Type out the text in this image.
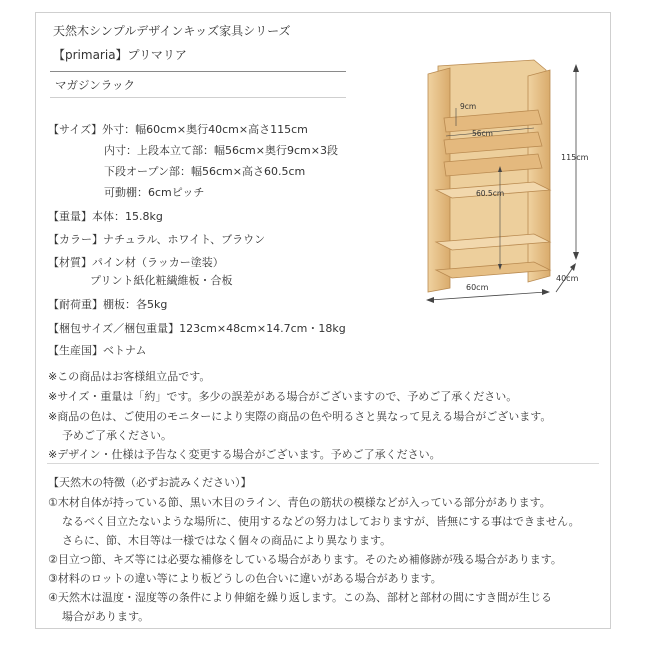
天然木シンプルデザインキッズ家具シリーズ
【primaria】プリマリア
マガジンラック
【サイズ】外寸：幅60cm×奥行40cm×高さ115cm
内寸：上段本立て部：幅56cm×奥行9cm×3段
下段オープン部：幅56cm×高さ60.5cm
可動棚：6cmピッチ
【重量】本体：15.8kg
【カラー】ナチュラル、ホワイト、ブラウン
【材質】パイン材（ラッカー塗装）
プリント紙化粧繊維板・合板
【耐荷重】棚板：各5kg
【梱包サイズ／梱包重量】123cm×48cm×14.7cm・18kg
【生産国】ベトナム
※この商品はお客様組立品です。
※サイズ・重量は「約」です。多少の誤差がある場合がございますので、予めご了承ください。
※商品の色は、ご使用のモニターにより実際の商品の色や明るさと異なって見える場合がございます。
予めご了承ください。
※デザイン・仕様は予告なく変更する場合がございます。予めご了承ください。
【天然木の特徴（必ずお読みください）】
①木材自体が持っている節、黒い木目のライン、青色の筋状の模様などが入っている部分があります。
なるべく目立たないような場所に、使用するなどの努力はしておりますが、皆無にする事はできません。
さらに、節、木目等は一様ではなく個々の商品により異なります。
②目立つ節、キズ等には必要な補修をしている場合があります。そのため補修跡が残る場合があります。
③材料のロットの違い等により板どうしの色合いに違いがある場合があります。
④天然木は温度・湿度等の条件により伸縮を繰り返します。この為、部材と部材の間にすき間が生じる
場合があります。
115cm
40cm
60cm
9cm
56cm
60.5cm
